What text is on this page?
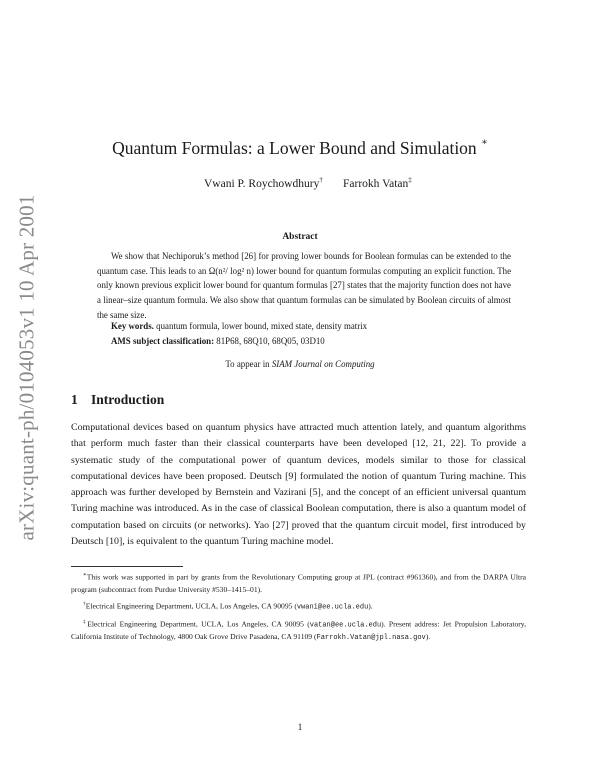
arXiv:quant-ph/0104053v1 10 Apr 2001
Quantum Formulas: a Lower Bound and Simulation ∗
Vwani P. Roychowdhury† Farrokh Vatan‡
Abstract

We show that Nechiporuk’s method [26] for proving lower bounds for Boolean formulas can be extended to the quantum case. This leads to an Ω(n²/ log² n) lower bound for quantum formulas computing an explicit function. The only known previous explicit lower bound for quantum formulas [27] states that the majority function does not have a linear–size quantum formula. We also show that quantum formulas can be simulated by Boolean circuits of almost the same size.

Key words. quantum formula, lower bound, mixed state, density matrix
AMS subject classification: 81P68, 68Q10, 68Q05, 03D10
To appear in SIAM Journal on Computing
1 Introduction

Computational devices based on quantum physics have attracted much attention lately, and quantum algorithms that perform much faster than their classical counterparts have been developed [12, 21, 22]. To provide a systematic study of the computational power of quantum devices, models similar to those for classical computational devices have been proposed. Deutsch [9] formulated the notion of quantum Turing machine. This approach was further developed by Bernstein and Vazirani [5], and the concept of an efficient universal quantum Turing machine was introduced. As in the case of classical Boolean computation, there is also a quantum model of computation based on circuits (or networks). Yao [27] proved that the quantum circuit model, first introduced by Deutsch [10], is equivalent to the quantum Turing machine model.

∗This work was supported in part by grants from the Revolutionary Computing group at JPL (contract #961360), and from the DARPA Ultra program (subcontract from Purdue University #530–1415–01).

†Electrical Engineering Department, UCLA, Los Angeles, CA 90095 (vwani@ee.ucla.edu).

‡Electrical Engineering Department, UCLA, Los Angeles, CA 90095 (vatan@ee.ucla.edu). Present address: Jet Propulsion Laboratory, California Institute of Technology, 4800 Oak Grove Drive Pasadena, CA 91109 (Farrokh.Vatan@jpl.nasa.gov).

1
